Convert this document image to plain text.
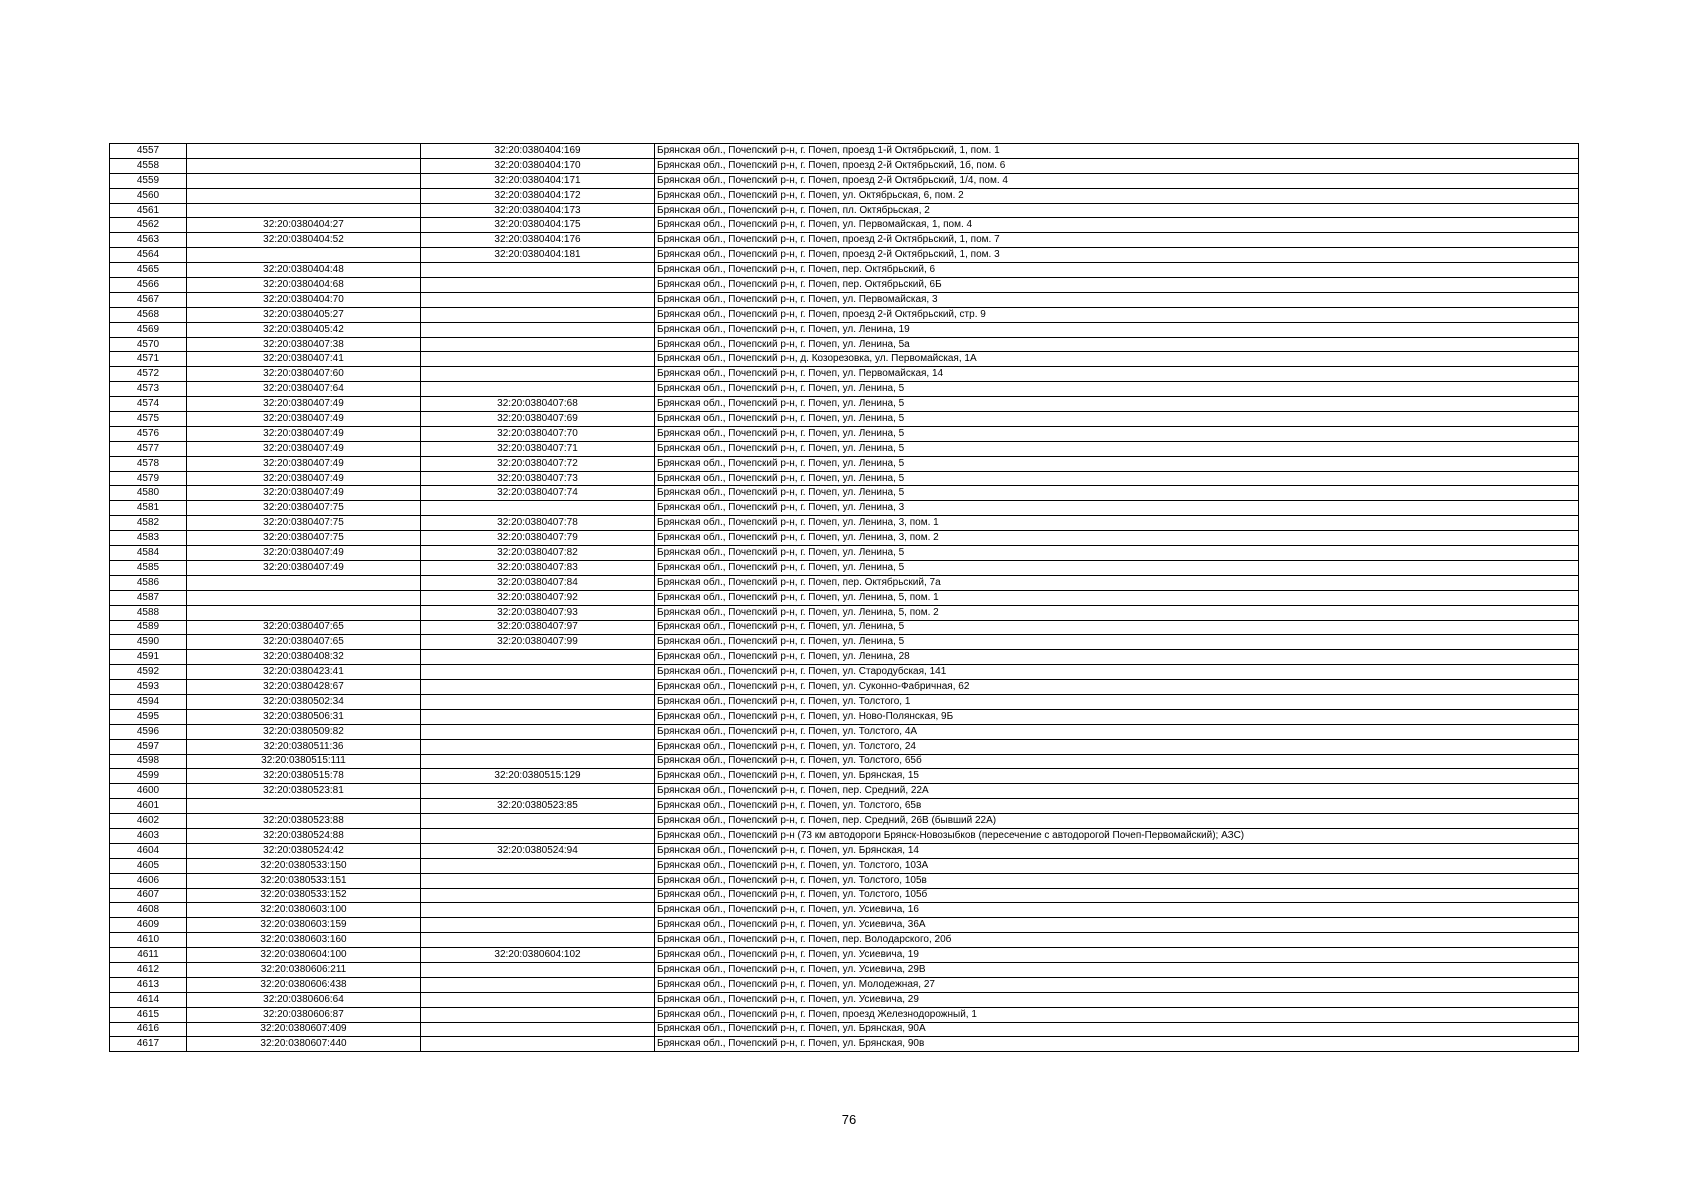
4557		32:20:0380404:169	Брянская обл., Почепский р-н, г. Почеп, проезд 1-й Октябрьский, 1, пом. 1
4558		32:20:0380404:170	Брянская обл., Почепский р-н, г. Почеп, проезд 2-й Октябрьский, 1б, пом. 6
4559		32:20:0380404:171	Брянская обл., Почепский р-н, г. Почеп, проезд 2-й Октябрьский, 1/4, пом. 4
4560		32:20:0380404:172	Брянская обл., Почепский р-н, г. Почеп, ул. Октябрьская, 6, пом. 2
4561		32:20:0380404:173	Брянская обл., Почепский р-н, г. Почеп, пл. Октябрьская, 2
4562	32:20:0380404:27	32:20:0380404:175	Брянская обл., Почепский р-н, г. Почеп, ул. Первомайская, 1, пом. 4
4563	32:20:0380404:52	32:20:0380404:176	Брянская обл., Почепский р-н, г. Почеп, проезд 2-й Октябрьский, 1, пом. 7
4564		32:20:0380404:181	Брянская обл., Почепский р-н, г. Почеп, проезд 2-й Октябрьский, 1, пом. 3
4565	32:20:0380404:48		Брянская обл., Почепский р-н, г. Почеп, пер. Октябрьский, 6
4566	32:20:0380404:68		Брянская обл., Почепский р-н, г. Почеп, пер. Октябрьский, 6Б
4567	32:20:0380404:70		Брянская обл., Почепский р-н, г. Почеп, ул. Первомайская, 3
4568	32:20:0380405:27		Брянская обл., Почепский р-н, г. Почеп, проезд 2-й Октябрьский, стр. 9
4569	32:20:0380405:42		Брянская обл., Почепский р-н, г. Почеп, ул. Ленина, 19
4570	32:20:0380407:38		Брянская обл., Почепский р-н, г. Почеп, ул. Ленина, 5а
4571	32:20:0380407:41		Брянская обл., Почепский р-н, д. Козорезовка, ул. Первомайская, 1А
4572	32:20:0380407:60		Брянская обл., Почепский р-н, г. Почеп, ул. Первомайская, 14
4573	32:20:0380407:64		Брянская обл., Почепский р-н, г. Почеп, ул. Ленина, 5
4574	32:20:0380407:49	32:20:0380407:68	Брянская обл., Почепский р-н, г. Почеп, ул. Ленина, 5
4575	32:20:0380407:49	32:20:0380407:69	Брянская обл., Почепский р-н, г. Почеп, ул. Ленина, 5
4576	32:20:0380407:49	32:20:0380407:70	Брянская обл., Почепский р-н, г. Почеп, ул. Ленина, 5
4577	32:20:0380407:49	32:20:0380407:71	Брянская обл., Почепский р-н, г. Почеп, ул. Ленина, 5
4578	32:20:0380407:49	32:20:0380407:72	Брянская обл., Почепский р-н, г. Почеп, ул. Ленина, 5
4579	32:20:0380407:49	32:20:0380407:73	Брянская обл., Почепский р-н, г. Почеп, ул. Ленина, 5
4580	32:20:0380407:49	32:20:0380407:74	Брянская обл., Почепский р-н, г. Почеп, ул. Ленина, 5
4581	32:20:0380407:75		Брянская обл., Почепский р-н, г. Почеп, ул. Ленина, 3
4582	32:20:0380407:75	32:20:0380407:78	Брянская обл., Почепский р-н, г. Почеп, ул. Ленина, 3, пом. 1
4583	32:20:0380407:75	32:20:0380407:79	Брянская обл., Почепский р-н, г. Почеп, ул. Ленина, 3, пом. 2
4584	32:20:0380407:49	32:20:0380407:82	Брянская обл., Почепский р-н, г. Почеп, ул. Ленина, 5
4585	32:20:0380407:49	32:20:0380407:83	Брянская обл., Почепский р-н, г. Почеп, ул. Ленина, 5
4586		32:20:0380407:84	Брянская обл., Почепский р-н, г. Почеп, пер. Октябрьский, 7а
4587		32:20:0380407:92	Брянская обл., Почепский р-н, г. Почеп, ул. Ленина, 5, пом. 1
4588		32:20:0380407:93	Брянская обл., Почепский р-н, г. Почеп, ул. Ленина, 5, пом. 2
4589	32:20:0380407:65	32:20:0380407:97	Брянская обл., Почепский р-н, г. Почеп, ул. Ленина, 5
4590	32:20:0380407:65	32:20:0380407:99	Брянская обл., Почепский р-н, г. Почеп, ул. Ленина, 5
4591	32:20:0380408:32		Брянская обл., Почепский р-н, г. Почеп, ул. Ленина, 28
4592	32:20:0380423:41		Брянская обл., Почепский р-н, г. Почеп, ул. Стародубская, 141
4593	32:20:0380428:67		Брянская обл., Почепский р-н, г. Почеп, ул. Суконно-Фабричная, 62
4594	32:20:0380502:34		Брянская обл., Почепский р-н, г. Почеп, ул. Толстого, 1
4595	32:20:0380506:31		Брянская обл., Почепский р-н, г. Почеп, ул. Ново-Полянская, 9Б
4596	32:20:0380509:82		Брянская обл., Почепский р-н, г. Почеп, ул. Толстого, 4А
4597	32:20:0380511:36		Брянская обл., Почепский р-н, г. Почеп, ул. Толстого, 24
4598	32:20:0380515:111		Брянская обл., Почепский р-н, г. Почеп, ул. Толстого, 65б
4599	32:20:0380515:78	32:20:0380515:129	Брянская обл., Почепский р-н, г. Почеп, ул. Брянская, 15
4600	32:20:0380523:81		Брянская обл., Почепский р-н, г. Почеп, пер. Средний, 22А
4601		32:20:0380523:85	Брянская обл., Почепский р-н, г. Почеп, ул. Толстого, 65в
4602	32:20:0380523:88		Брянская обл., Почепский р-н, г. Почеп, пер. Средний, 26В (бывший 22А)
4603	32:20:0380524:88		Брянская обл., Почепский р-н (73 км автодороги Брянск-Новозыбков (пересечение с автодорогой Почеп-Первомайский); АЗС)
4604	32:20:0380524:42	32:20:0380524:94	Брянская обл., Почепский р-н, г. Почеп, ул. Брянская, 14
4605	32:20:0380533:150		Брянская обл., Почепский р-н, г. Почеп, ул. Толстого, 103А
4606	32:20:0380533:151		Брянская обл., Почепский р-н, г. Почеп, ул. Толстого, 105в
4607	32:20:0380533:152		Брянская обл., Почепский р-н, г. Почеп, ул. Толстого, 105б
4608	32:20:0380603:100		Брянская обл., Почепский р-н, г. Почеп, ул. Усиевича, 16
4609	32:20:0380603:159		Брянская обл., Почепский р-н, г. Почеп, ул. Усиевича, 36А
4610	32:20:0380603:160		Брянская обл., Почепский р-н, г. Почеп, пер. Володарского, 20б
4611	32:20:0380604:100	32:20:0380604:102	Брянская обл., Почепский р-н, г. Почеп, ул. Усиевича, 19
4612	32:20:0380606:211		Брянская обл., Почепский р-н, г. Почеп, ул. Усиевича, 29В
4613	32:20:0380606:438		Брянская обл., Почепский р-н, г. Почеп, ул. Молодежная, 27
4614	32:20:0380606:64		Брянская обл., Почепский р-н, г. Почеп, ул. Усиевича, 29
4615	32:20:0380606:87		Брянская обл., Почепский р-н, г. Почеп, проезд Железнодорожный, 1
4616	32:20:0380607:409		Брянская обл., Почепский р-н, г. Почеп, ул. Брянская, 90А
4617	32:20:0380607:440		Брянская обл., Почепский р-н, г. Почеп, ул. Брянская, 90в
76
